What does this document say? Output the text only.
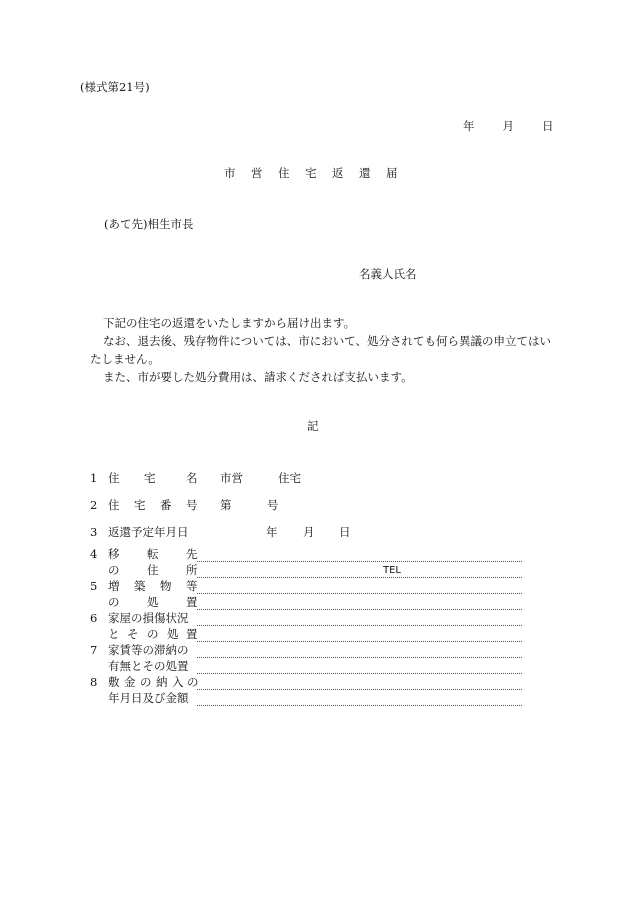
(様式第21号)
年 月 日
市 営 住 宅 返 還 届
(あて先)相生市長
名義人氏名

下記の住宅の返還をいたしますから届け出ます。

なお、退去後、残存物件については、市において、処分されても何ら異議の申立てはいたしません。

また、市が要した処分費用は、請求くだされば支払います。

記
1 住 宅	名 市営	住宅
2 住 宅 番 号 第	号
3 返還予定年月日	年 月 日
4 移 転 先
の 住 所	TEL
5 増 築 物 等
の 処 置
6 家屋の損傷状況
と そ の 処 置
7 家賃等の滞納の
有無とその処置
8 敷 金 の 納 入 の
年月日及び金額
